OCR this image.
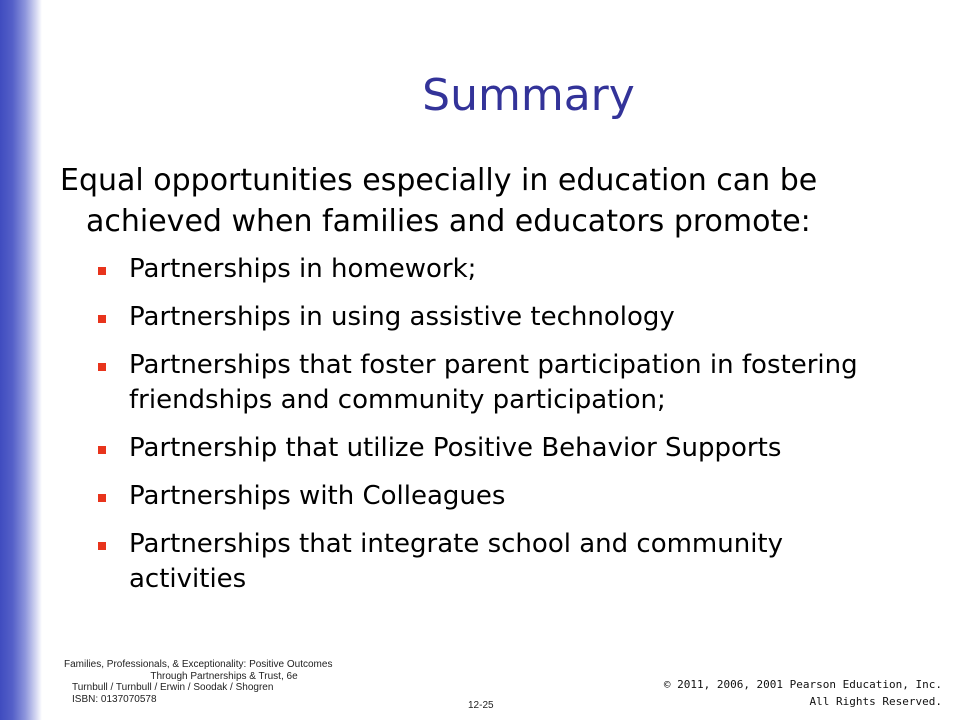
Summary
Equal opportunities especially in education can be
achieved when families and educators promote:
Partnerships in homework;
Partnerships in using assistive technology
Partnerships that foster parent participation in fostering
friendships and community participation;
Partnership that utilize Positive Behavior Supports
Partnerships with Colleagues
Partnerships that integrate school and community
activities
Families, Professionals, & Exceptionality: Positive Outcomes
Through Partnerships & Trust, 6e
Turnbull / Turnbull / Erwin / Soodak / Shogren
ISBN: 0137070578
12-25
© 2011, 2006, 2001 Pearson Education, Inc.
All Rights Reserved.
